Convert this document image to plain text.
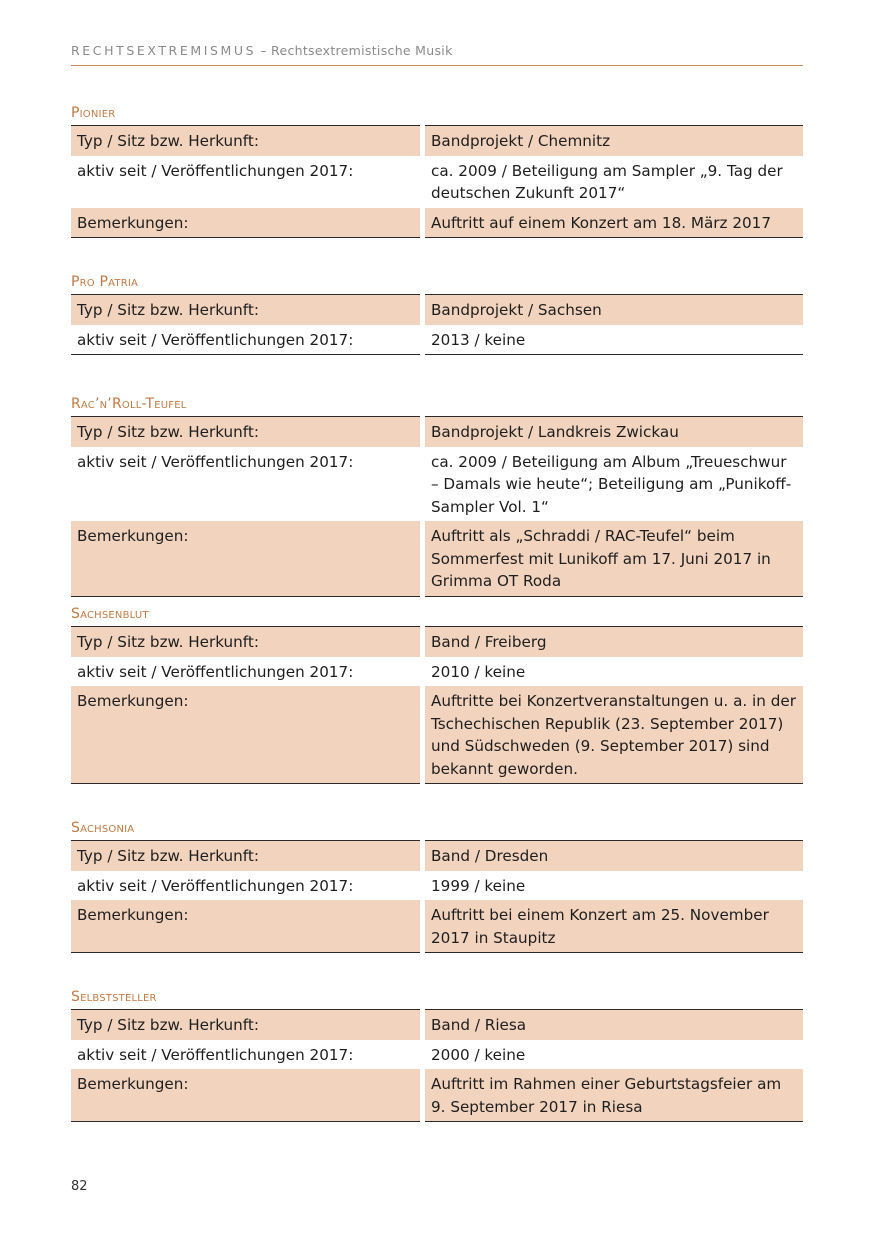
RECHTSEXTREMISMUS – Rechtsextremistische Musik
Pionier
Typ / Sitz bzw. Herkunft:	Bandprojekt / Chemnitz
aktiv seit / Veröffentlichungen 2017:	ca. 2009 / Beteiligung am Sampler „9. Tag der deutschen Zukunft 2017“
Bemerkungen:	Auftritt auf einem Konzert am 18. März 2017
Pro Patria
Typ / Sitz bzw. Herkunft:	Bandprojekt / Sachsen
aktiv seit / Veröffentlichungen 2017:	2013 / keine
Rac’n’Roll-Teufel
Typ / Sitz bzw. Herkunft:	Bandprojekt / Landkreis Zwickau
aktiv seit / Veröffentlichungen 2017:	ca. 2009 / Beteiligung am Album „Treueschwur – Damals wie heute“; Beteiligung am „Punikoff-Sampler Vol. 1“
Bemerkungen:	Auftritt als „Schraddi / RAC-Teufel“ beim Sommerfest mit Lunikoff am 17. Juni 2017 in Grimma OT Roda
Sachsenblut
Typ / Sitz bzw. Herkunft:	Band / Freiberg
aktiv seit / Veröffentlichungen 2017:	2010 / keine
Bemerkungen:	Auftritte bei Konzertveranstaltungen u. a. in der Tschechischen Republik (23. September 2017) und Südschweden (9. September 2017) sind bekannt geworden.
Sachsonia
Typ / Sitz bzw. Herkunft:	Band / Dresden
aktiv seit / Veröffentlichungen 2017:	1999 / keine
Bemerkungen:	Auftritt bei einem Konzert am 25. November 2017 in Staupitz
Selbststeller
Typ / Sitz bzw. Herkunft:	Band / Riesa
aktiv seit / Veröffentlichungen 2017:	2000 / keine
Bemerkungen:	Auftritt im Rahmen einer Geburtstagsfeier am 9. September 2017 in Riesa
82
